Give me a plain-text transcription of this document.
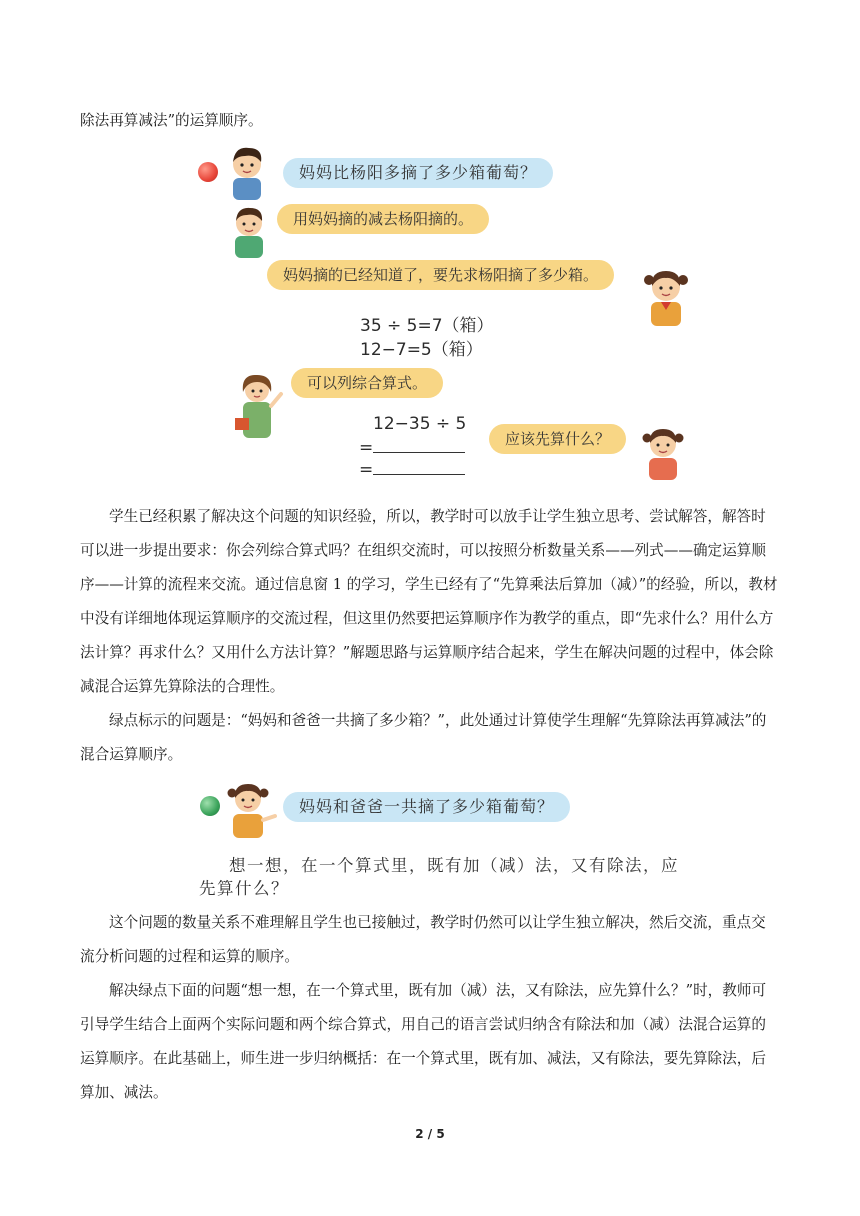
除法再算减法”的运算顺序。

妈妈比杨阳多摘了多少箱葡萄？
用妈妈摘的减去杨阳摘的。
妈妈摘的已经知道了，要先求杨阳摘了多少箱。
35 ÷ 5=7（箱）
12−7=5（箱）
可以列综合算式。
12−35 ÷ 5
=
=
应该先算什么？

学生已经积累了解决这个问题的知识经验，所以，教学时可以放手让学生独立思考、尝试解答，解答时可以进一步提出要求：你会列综合算式吗？在组织交流时，可以按照分析数量关系——列式——确定运算顺序——计算的流程来交流。通过信息窗 1 的学习，学生已经有了“先算乘法后算加（减）”的经验，所以，教材中没有详细地体现运算顺序的交流过程，但这里仍然要把运算顺序作为教学的重点，即“先求什么？用什么方法计算？再求什么？又用什么方法计算？”解题思路与运算顺序结合起来，学生在解决问题的过程中，体会除减混合运算先算除法的合理性。

绿点标示的问题是：“妈妈和爸爸一共摘了多少箱？”，此处通过计算使学生理解“先算除法再算减法”的混合运算顺序。

妈妈和爸爸一共摘了多少箱葡萄？
想一想，在一个算式里，既有加（减）法，又有除法，应
先算什么？

这个问题的数量关系不难理解且学生也已接触过，教学时仍然可以让学生独立解决，然后交流，重点交流分析问题的过程和运算的顺序。

解决绿点下面的问题“想一想，在一个算式里，既有加（减）法，又有除法，应先算什么？”时，教师可引导学生结合上面两个实际问题和两个综合算式，用自己的语言尝试归纳含有除法和加（减）法混合运算的运算顺序。在此基础上，师生进一步归纳概括：在一个算式里，既有加、减法，又有除法，要先算除法，后算加、减法。

2 / 5
